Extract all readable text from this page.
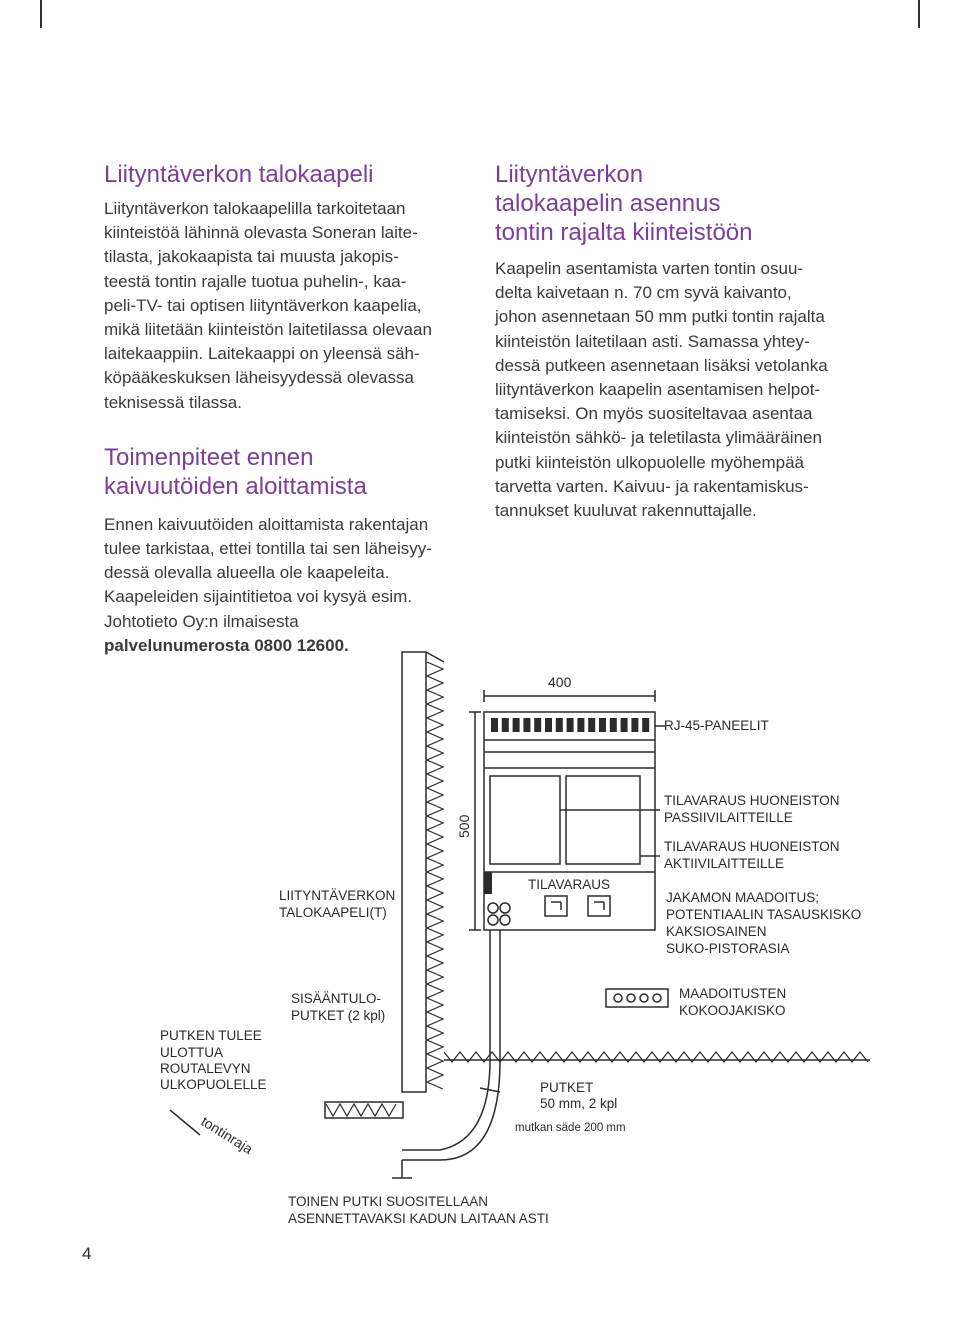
Liityntäverkon talokaapeli

Liityntäverkon talokaapelilla tarkoitetaan
kiinteistöä lähinnä olevasta Soneran laite-
tilasta, jakokaapista tai muusta jakopis-
teestä tontin rajalle tuotua puhelin-, kaa-
peli-TV- tai optisen liityntäverkon kaapelia,
mikä liitetään kiinteistön laitetilassa olevaan
laitekaappiin. Laitekaappi on yleensä säh-
köpääkeskuksen läheisyydessä olevassa
teknisessä tilassa.

Toimenpiteet ennen
kaivuutöiden aloittamista

Ennen kaivuutöiden aloittamista rakentajan
tulee tarkistaa, ettei tontilla tai sen läheisyy-
dessä olevalla alueella ole kaapeleita.
Kaapeleiden sijaintitietoa voi kysyä esim.
Johtotieto Oy:n ilmaisesta

palvelunumerosta 0800 12600.

Liityntäverkon
talokaapelin asennus
tontin rajalta kiinteistöön

Kaapelin asentamista varten tontin osuu-
delta kaivetaan n. 70 cm syvä kaivanto,
johon asennetaan 50 mm putki tontin rajalta
kiinteistön laitetilaan asti. Samassa yhtey-
dessä putkeen asennetaan lisäksi vetolanka
liityntäverkon kaapelin asentamisen helpot-
tamiseksi. On myös suositeltavaa asentaa
kiinteistön sähkö- ja teletilasta ylimääräinen
putki kiinteistön ulkopuolelle myöhempää
tarvetta varten. Kaivuu- ja rakentamiskus-
tannukset kuuluvat rakennuttajalle.

400
500
RJ-45-PANEELIT
TILAVARAUS HUONEISTON
PASSIIVILAITTEILLE
TILAVARAUS HUONEISTON
AKTIIVILAITTEILLE
TILAVARAUS
JAKAMON MAADOITUS;
POTENTIAALIN TASAUSKISKO
KAKSIOSAINEN
SUKO-PISTORASIA
LIITYNTÄVERKON
TALOKAAPELI(T)
SISÄÄNTULO-
PUTKET (2 kpl)
MAADOITUSTEN
KOKOOJAKISKO
PUTKEN TULEE
ULOTTUA
ROUTALEVYN
ULKOPUOLELLE	PUTKET
50 mm, 2 kpl
mutkan säde 200 mm
tontinraja
TOINEN PUTKI SUOSITELLAAN
ASENNETTAVAKSI KADUN LAITAAN ASTI
4
